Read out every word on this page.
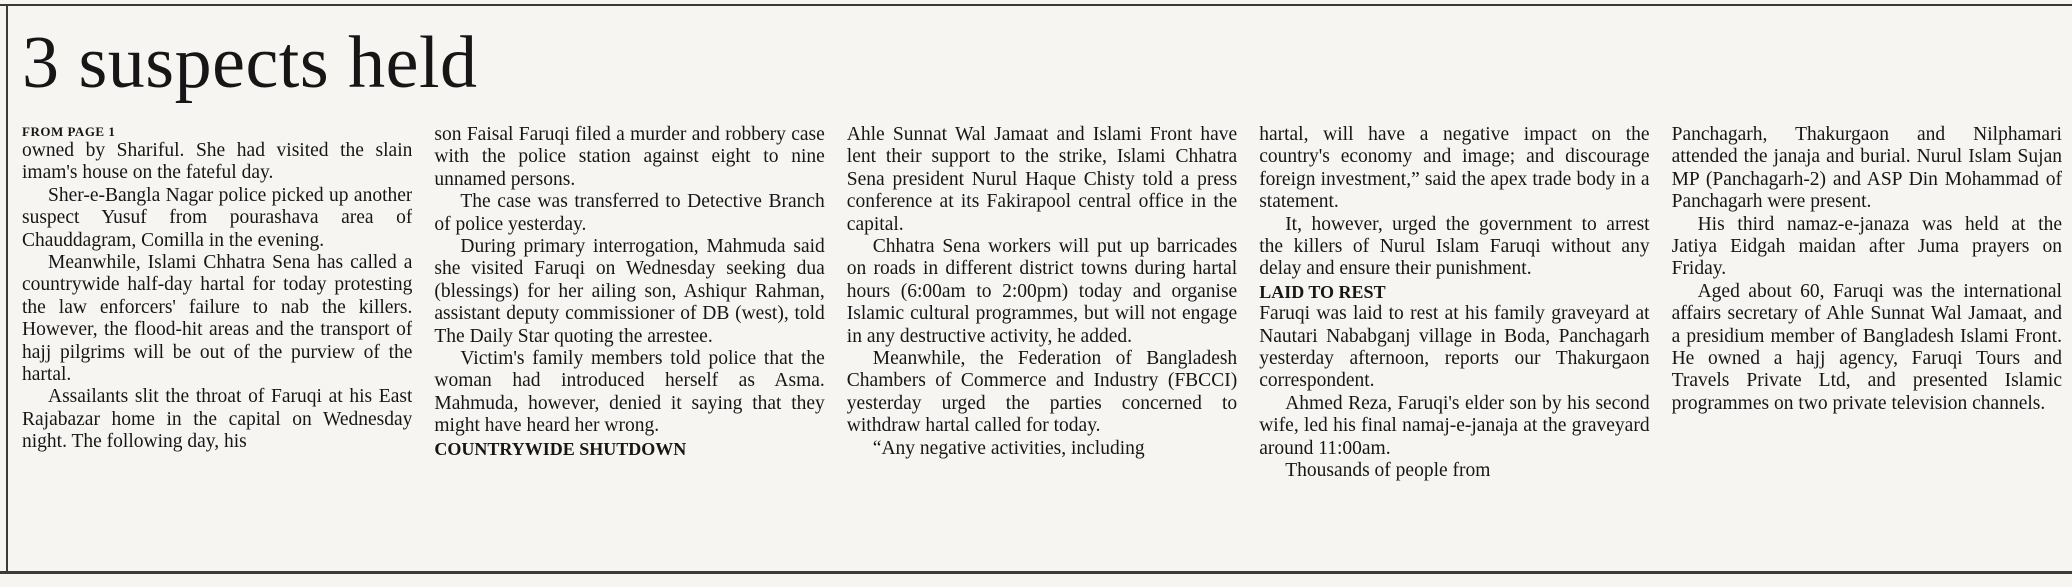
3 suspects held
FROM PAGE 1

owned by Shariful. She had visited the slain imam's house on the fateful day.

Sher-e-Bangla Nagar police picked up another suspect Yusuf from pourashava area of Chauddagram, Comilla in the evening.

Meanwhile, Islami Chhatra Sena has called a countrywide half-day hartal for today protesting the law enforcers' failure to nab the killers. However, the flood-hit areas and the transport of hajj pilgrims will be out of the purview of the hartal.

Assailants slit the throat of Faruqi at his East Rajabazar home in the capital on Wednesday night. The following day, his

son Faisal Faruqi filed a murder and robbery case with the police station against eight to nine unnamed persons.

The case was transferred to Detective Branch of police yesterday.

During primary interrogation, Mahmuda said she visited Faruqi on Wednesday seeking dua (blessings) for her ailing son, Ashiqur Rahman, assistant deputy commissioner of DB (west), told The Daily Star quoting the arrestee.

Victim's family members told police that the woman had introduced herself as Asma. Mahmuda, however, denied it saying that they might have heard her wrong.

COUNTRYWIDE SHUTDOWN

Ahle Sunnat Wal Jamaat and Islami Front have lent their support to the strike, Islami Chhatra Sena president Nurul Haque Chisty told a press conference at its Fakirapool central office in the capital.

Chhatra Sena workers will put up barricades on roads in different district towns during hartal hours (6:00am to 2:00pm) today and organise Islamic cultural programmes, but will not engage in any destructive activity, he added.

Meanwhile, the Federation of Bangladesh Chambers of Commerce and Industry (FBCCI) yesterday urged the parties concerned to withdraw hartal called for today.

“Any negative activities, including

hartal, will have a negative impact on the country's economy and image; and discourage foreign investment,” said the apex trade body in a statement.

It, however, urged the government to arrest the killers of Nurul Islam Faruqi without any delay and ensure their punishment.

LAID TO REST

Faruqi was laid to rest at his family graveyard at Nautari Nababganj village in Boda, Panchagarh yesterday afternoon, reports our Thakurgaon correspondent.

Ahmed Reza, Faruqi's elder son by his second wife, led his final namaj-e-janaja at the graveyard around 11:00am.

Thousands of people from

Panchagarh, Thakurgaon and Nilphamari attended the janaja and burial. Nurul Islam Sujan MP (Panchagarh-2) and ASP Din Mohammad of Panchagarh were present.

His third namaz-e-janaza was held at the Jatiya Eidgah maidan after Juma prayers on Friday.

Aged about 60, Faruqi was the international affairs secretary of Ahle Sunnat Wal Jamaat, and a presidium member of Bangladesh Islami Front. He owned a hajj agency, Faruqi Tours and Travels Private Ltd, and presented Islamic programmes on two private television channels.
